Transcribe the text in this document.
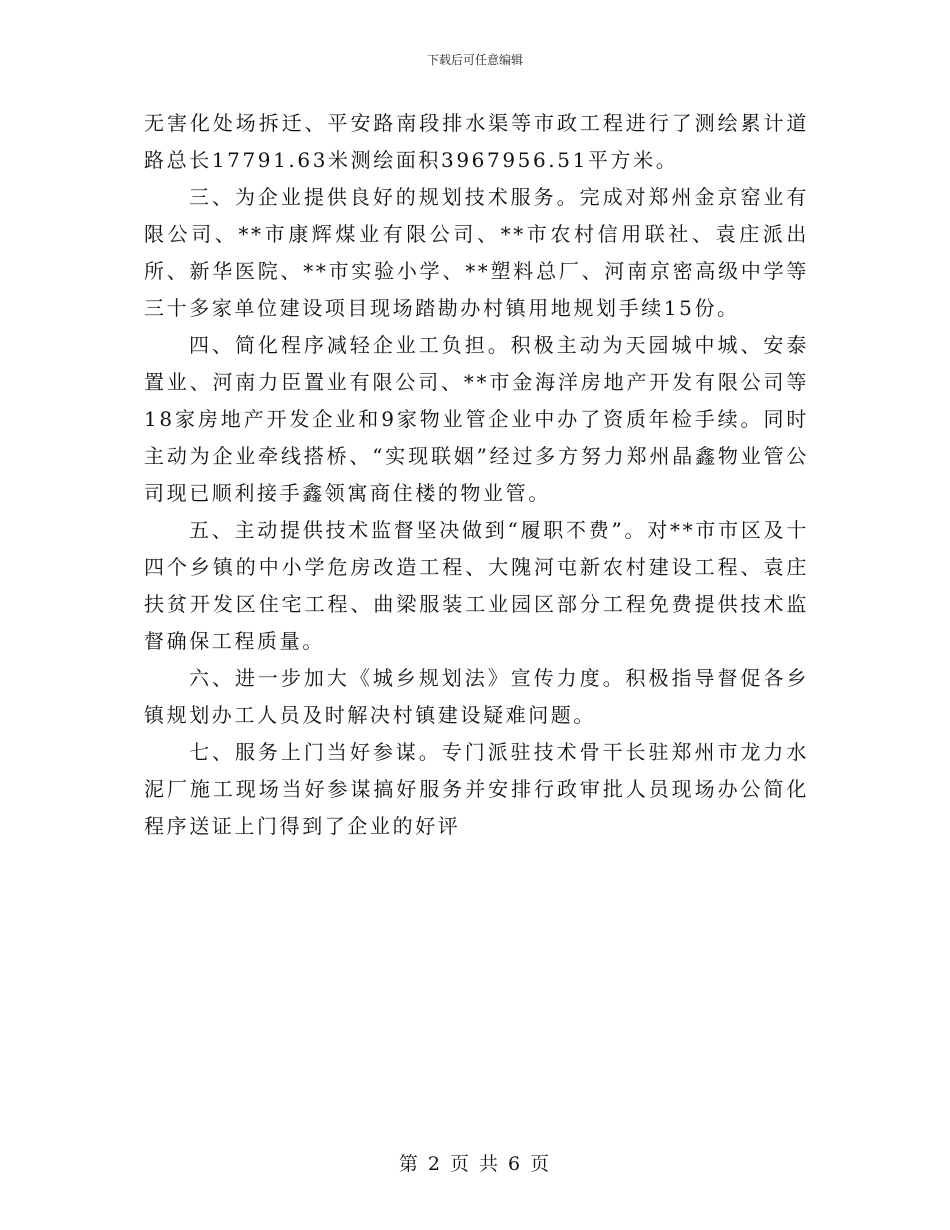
下载后可任意编辑

无害化处场拆迁、平安路南段排水渠等市政工程进行了测绘累计道路总长17791.63米测绘面积3967956.51平方米。

三、为企业提供良好的规划技术服务。完成对郑州金京窑业有限公司、**市康辉煤业有限公司、**市农村信用联社、袁庄派出所、新华医院、**市实验小学、**塑料总厂、河南京密高级中学等三十多家单位建设项目现场踏勘办村镇用地规划手续15份。

四、简化程序减轻企业工负担。积极主动为天园城中城、安泰置业、河南力臣置业有限公司、**市金海洋房地产开发有限公司等18家房地产开发企业和9家物业管企业中办了资质年检手续。同时主动为企业牵线搭桥、“实现联姻”经过多方努力郑州晶鑫物业管公司现已顺利接手鑫领寓商住楼的物业管。

五、主动提供技术监督坚决做到“履职不费”。对**市市区及十四个乡镇的中小学危房改造工程、大隗河屯新农村建设工程、袁庄扶贫开发区住宅工程、曲梁服装工业园区部分工程免费提供技术监督确保工程质量。

六、进一步加大《城乡规划法》宣传力度。积极指导督促各乡镇规划办工人员及时解决村镇建设疑难问题。

七、服务上门当好参谋。专门派驻技术骨干长驻郑州市龙力水泥厂施工现场当好参谋搞好服务并安排行政审批人员现场办公简化程序送证上门得到了企业的好评

第 2 页 共 6 页
